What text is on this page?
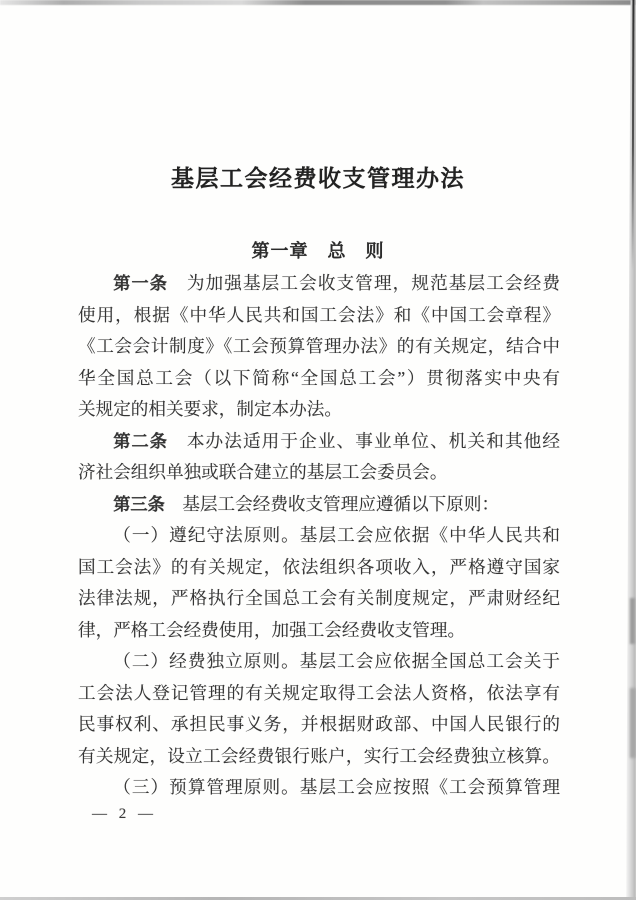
基层工会经费收支管理办法
第一章　总　则
第一条　为加强基层工会收支管理，规范基层工会经费
使用，根据《中华人民共和国工会法》和《中国工会章程》
《工会会计制度》《工会预算管理办法》的有关规定，结合中
华全国总工会（以下简称“全国总工会”）贯彻落实中央有
关规定的相关要求，制定本办法。
第二条　本办法适用于企业、事业单位、机关和其他经
济社会组织单独或联合建立的基层工会委员会。
第三条　基层工会经费收支管理应遵循以下原则：
（一）遵纪守法原则。基层工会应依据《中华人民共和
国工会法》的有关规定，依法组织各项收入，严格遵守国家
法律法规，严格执行全国总工会有关制度规定，严肃财经纪
律，严格工会经费使用，加强工会经费收支管理。
（二）经费独立原则。基层工会应依据全国总工会关于
工会法人登记管理的有关规定取得工会法人资格，依法享有
民事权利、承担民事义务，并根据财政部、中国人民银行的
有关规定，设立工会经费银行账户，实行工会经费独立核算。
（三）预算管理原则。基层工会应按照《工会预算管理
— 2 —
